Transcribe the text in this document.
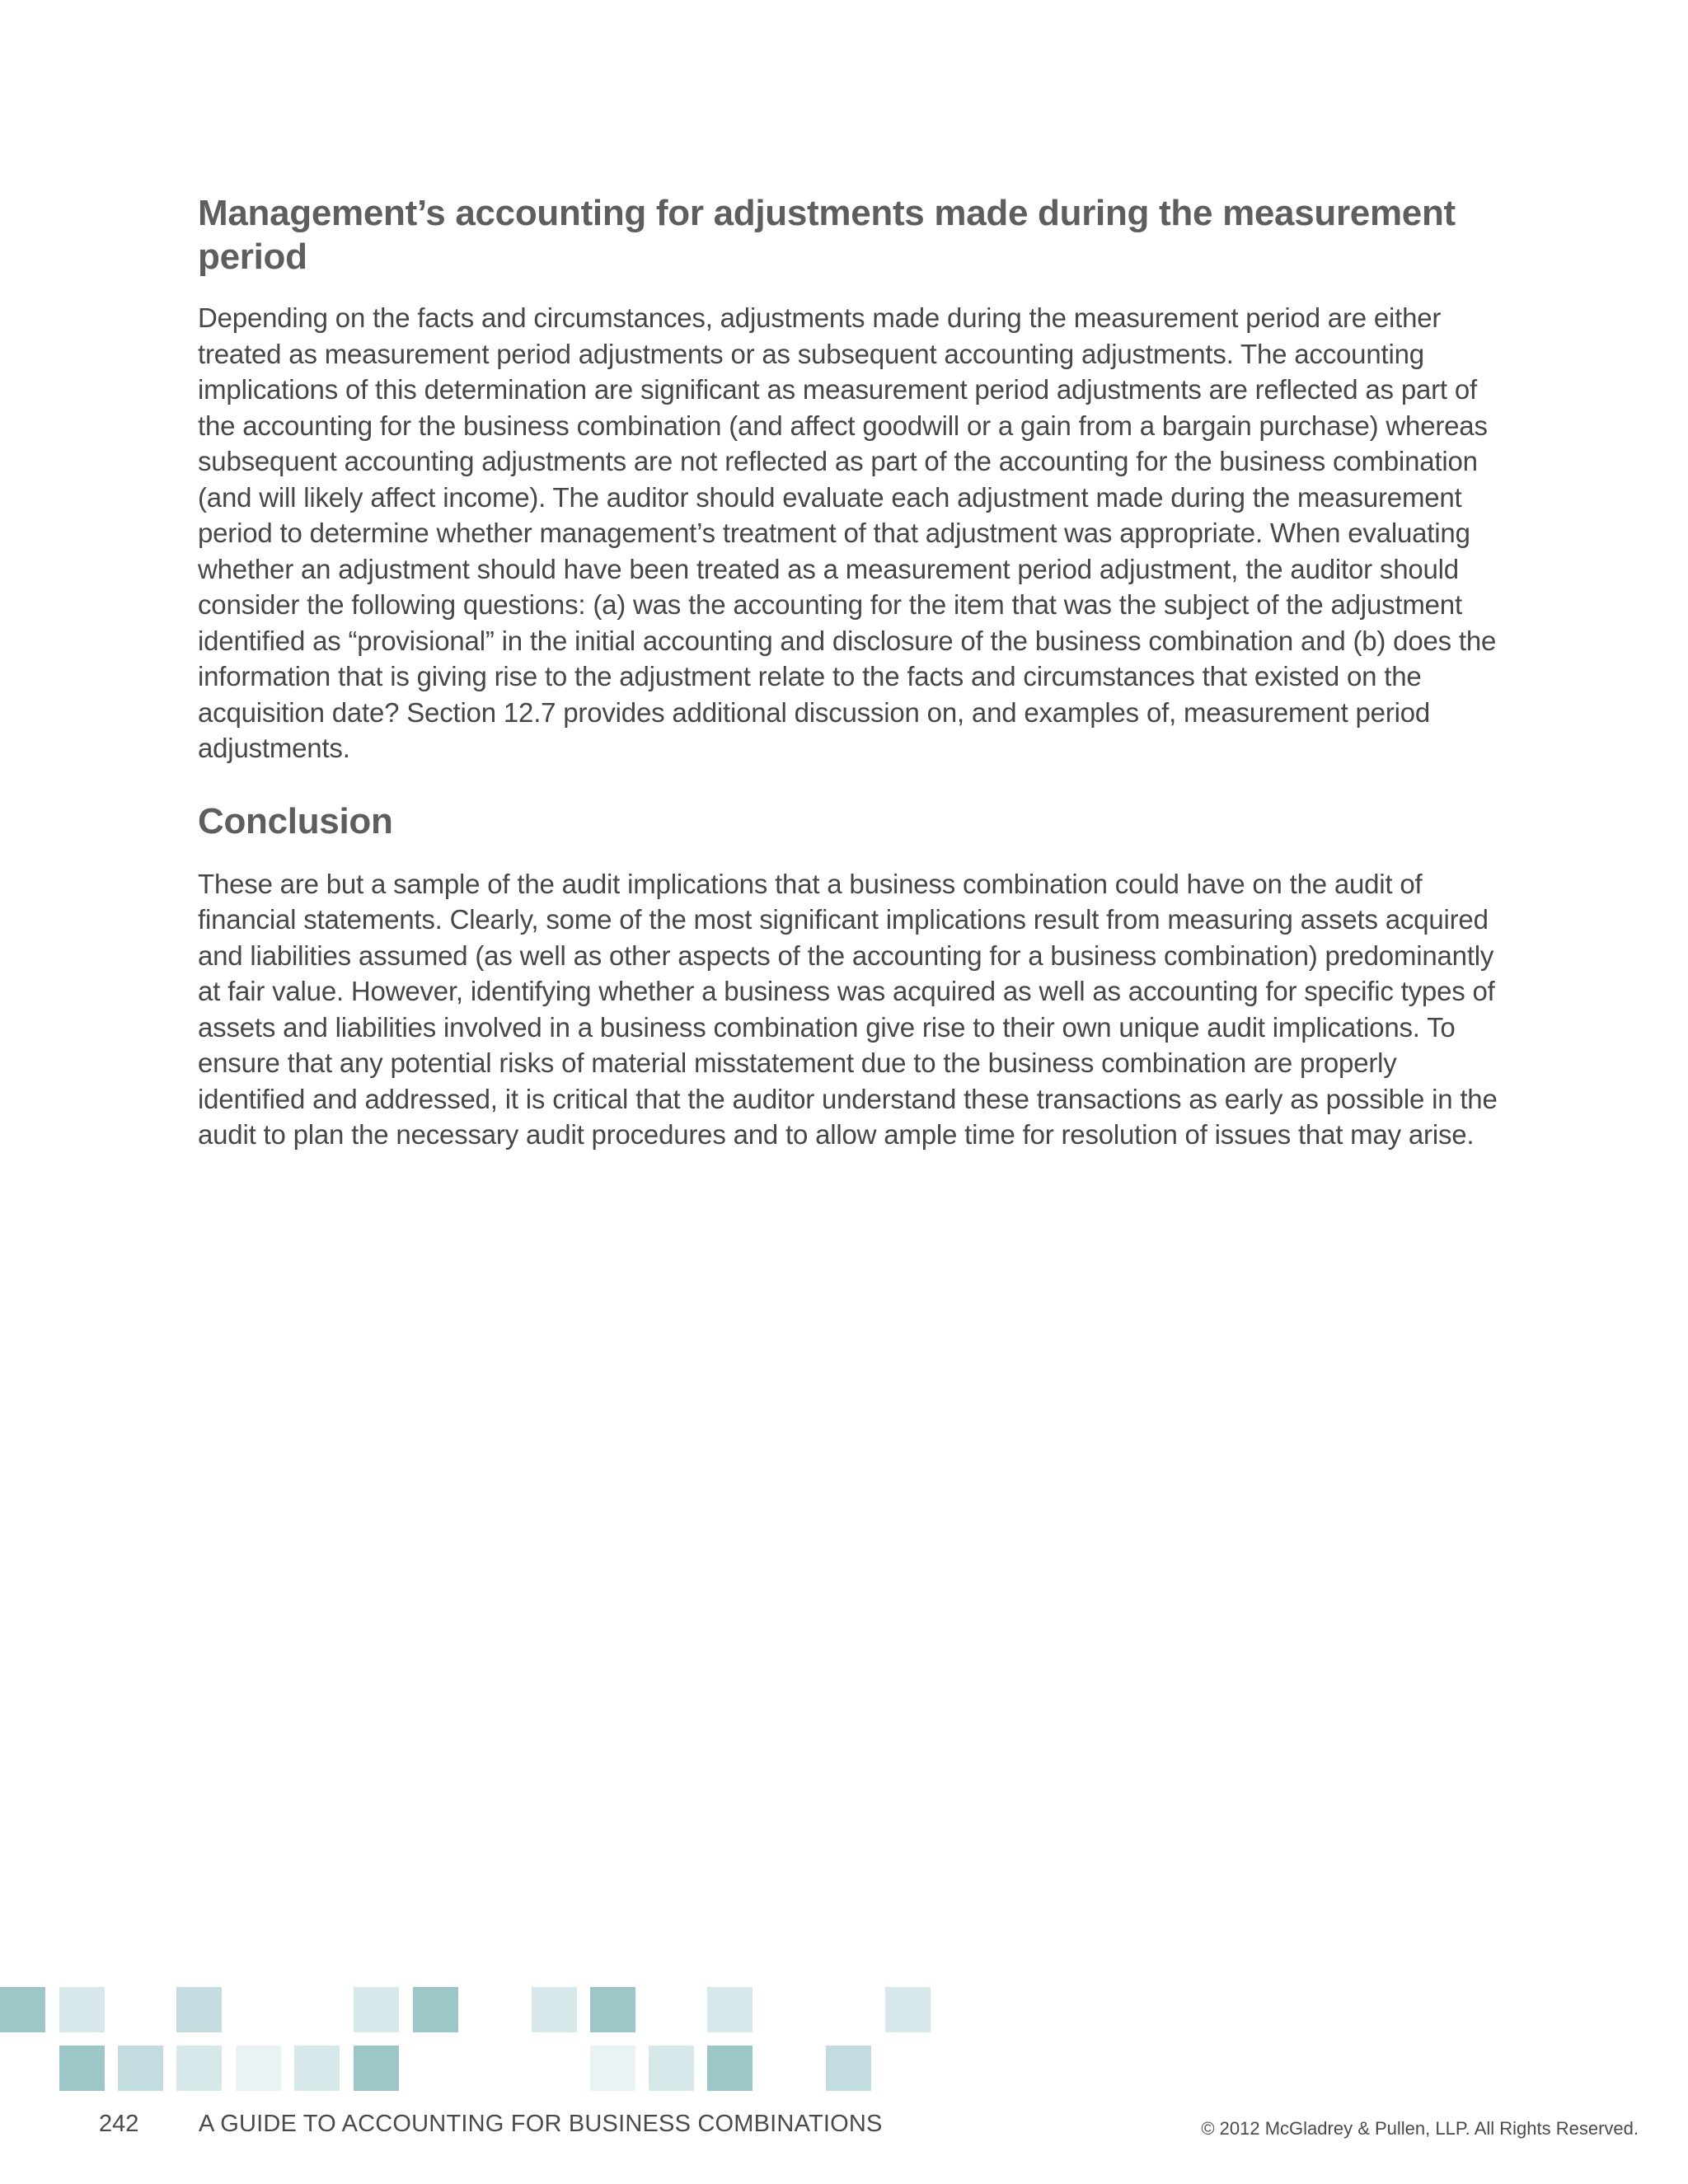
Management’s accounting for adjustments made during the measurement period

Depending on the facts and circumstances, adjustments made during the measurement period are either treated as measurement period adjustments or as subsequent accounting adjustments. The accounting implications of this determination are significant as measurement period adjustments are reflected as part of the accounting for the business combination (and affect goodwill or a gain from a bargain purchase) whereas subsequent accounting adjustments are not reflected as part of the accounting for the business combination (and will likely affect income). The auditor should evaluate each adjustment made during the measurement period to determine whether management’s treatment of that adjustment was appropriate. When evaluating whether an adjustment should have been treated as a measurement period adjustment, the auditor should consider the following questions: (a) was the accounting for the item that was the subject of the adjustment identified as “provisional” in the initial accounting and disclosure of the business combination and (b) does the information that is giving rise to the adjustment relate to the facts and circumstances that existed on the acquisition date? Section 12.7 provides additional discussion on, and examples of, measurement period adjustments.

Conclusion

These are but a sample of the audit implications that a business combination could have on the audit of financial statements. Clearly, some of the most significant implications result from measuring assets acquired and liabilities assumed (as well as other aspects of the accounting for a business combination) predominantly at fair value. However, identifying whether a business was acquired as well as accounting for specific types of assets and liabilities involved in a business combination give rise to their own unique audit implications. To ensure that any potential risks of material misstatement due to the business combination are properly identified and addressed, it is critical that the auditor understand these transactions as early as possible in the audit to plan the necessary audit procedures and to allow ample time for resolution of issues that may arise.

242	A GUIDE TO ACCOUNTING FOR BUSINESS COMBINATIONS	© 2012 McGladrey & Pullen, LLP. All Rights Reserved.
